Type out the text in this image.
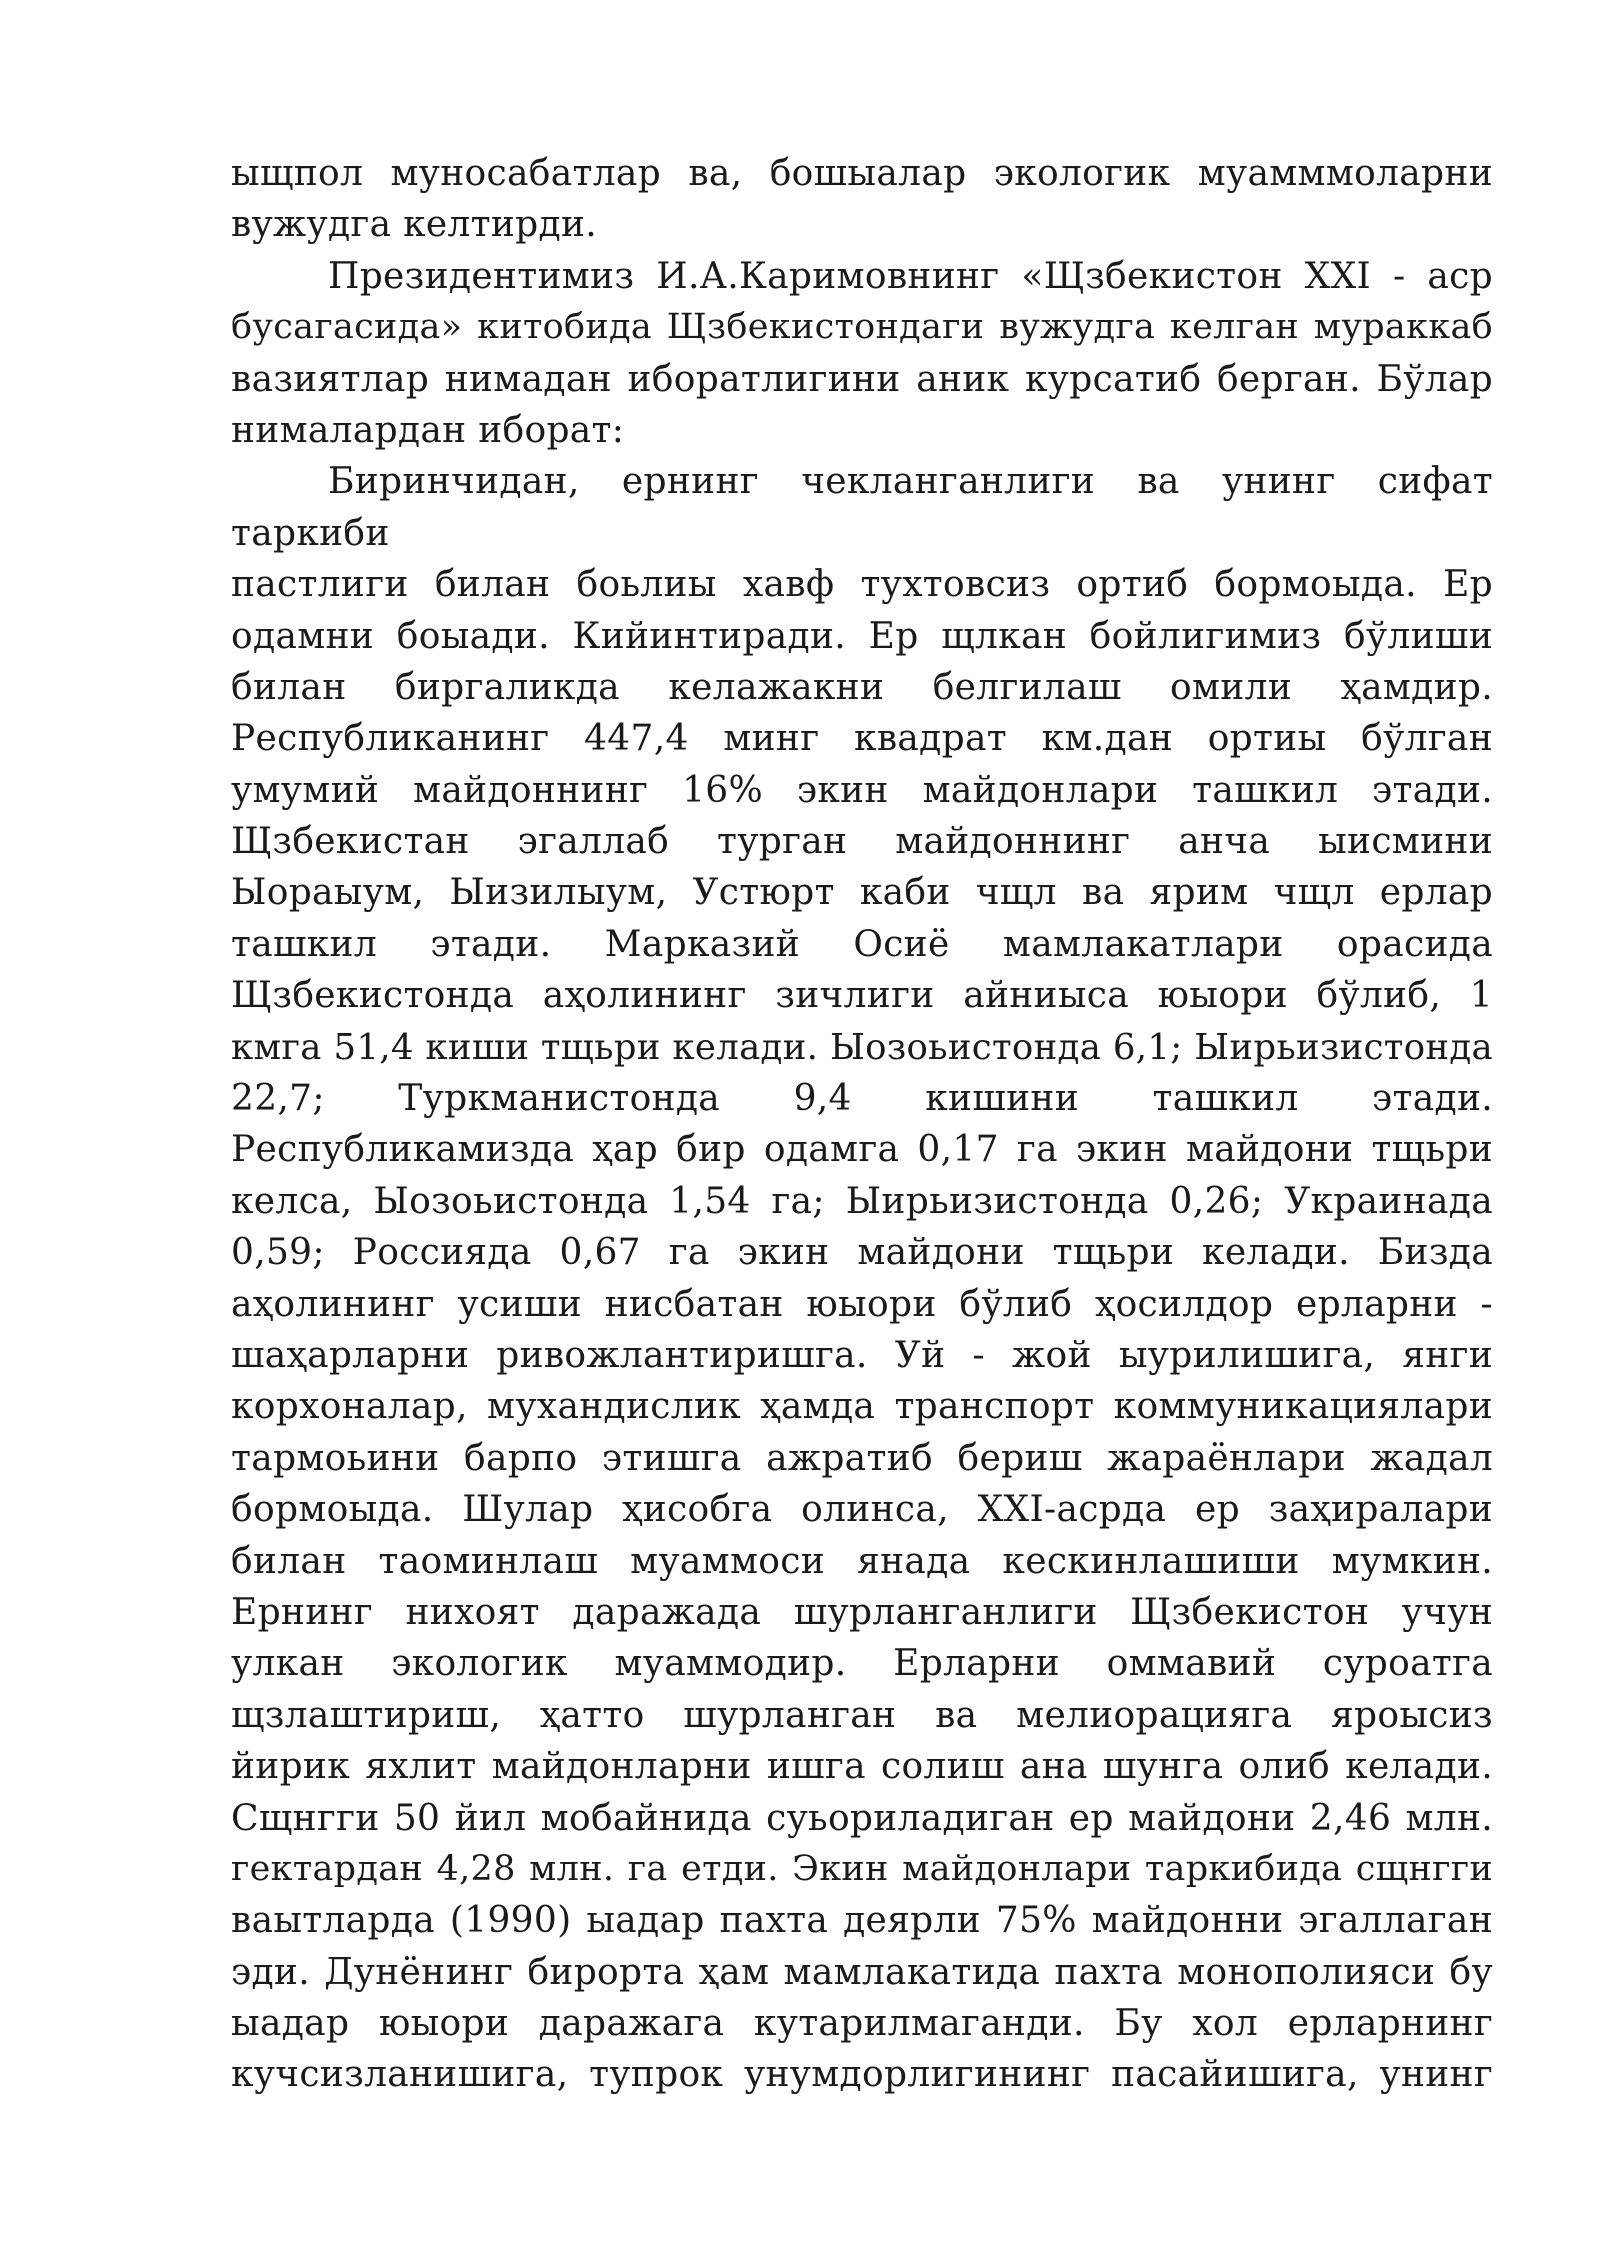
ыщпол муносабатлар ва, бошыалар экологик муамммоларни
вужудга келтирди.
Президентимиз И.А.Каримовнинг «Щзбекистон XXI - аср
бусагасида» китобида Щзбекистондаги вужудга келган мураккаб
вазиятлар нимадан иборатлигини аник курсатиб берган. Бўлар
нималардан иборат:
Биринчидан, ернинг чекланганлиги ва унинг сифат
таркиби
пастлиги билан боьлиы хавф тухтовсиз ортиб бормоыда. Ер
одамни боыади. Кийинтиради. Ер щлкан бойлигимиз бўлиши
билан биргаликда келажакни белгилаш омили ҳамдир.
Республиканинг 447,4 минг квадрат км.дан ортиы бўлган
умумий майдоннинг 16% экин майдонлари ташкил этади.
Щзбекистан эгаллаб турган майдоннинг анча ыисмини
Ыораыум, Ыизилыум, Устюрт каби чщл ва ярим чщл ерлар
ташкил этади. Марказий Осиё мамлакатлари орасида
Щзбекистонда аҳолининг зичлиги айниыса юыори бўлиб, 1
кмга 51,4 киши тщьри келади. Ыозоьистонда 6,1; Ыирьизистонда
22,7; Туркманистонда 9,4 кишини ташкил этади.
Республикамизда ҳар бир одамга 0,17 га экин майдони тщьри
келса, Ыозоьистонда 1,54 га; Ыирьизистонда 0,26; Украинада
0,59; Россияда 0,67 га экин майдони тщьри келади. Бизда
аҳолининг усиши нисбатан юыори бўлиб ҳосилдор ерларни -
шаҳарларни ривожлантиришга. Уй - жой ыурилишига, янги
корхоналар, мухандислик ҳамда транспорт коммуникациялари
тармоьини барпо этишга ажратиб бериш жараёнлари жадал
бормоыда. Шулар ҳисобга олинса, XXI-асрда ер заҳиралари
билан таоминлаш муаммоси янада кескинлашиши мумкин.
Ернинг нихоят даражада шурланганлиги Щзбекистон учун
улкан экологик муаммодир. Ерларни оммавий суроатга
щзлаштириш, ҳатто шурланган ва мелиорацияга яроысиз
йирик яхлит майдонларни ишга солиш ана шунга олиб келади.
Сщнгги 50 йил мобайнида суьориладиган ер майдони 2,46 млн.
гектардан 4,28 млн. га етди. Экин майдонлари таркибида сщнгги
ваытларда (1990) ыадар пахта деярли 75% майдонни эгаллаган
эди. Дунёнинг бирорта ҳам мамлакатида пахта монополияси бу
ыадар юыори даражага кутарилмаганди. Бу хол ерларнинг
кучсизланишига, тупрок унумдорлигининг пасайишига, унинг
